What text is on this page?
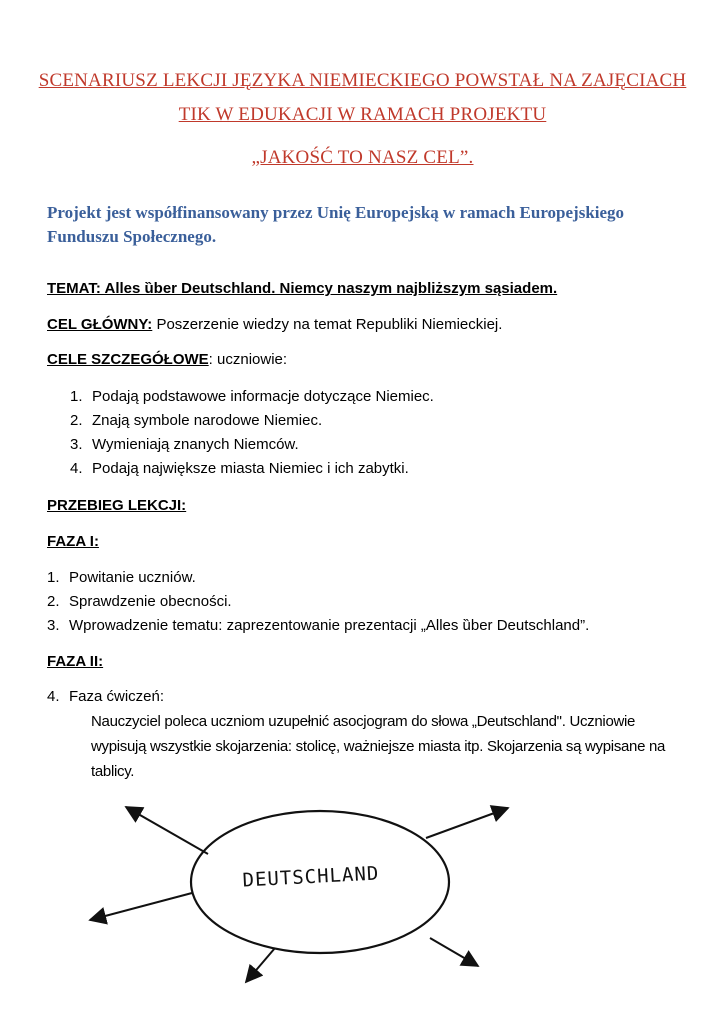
SCENARIUSZ LEKCJI JĘZYKA NIEMIECKIEGO POWSTAŁ NA ZAJĘCIACH
TIK W EDUKACJI W RAMACH PROJEKTU
„JAKOŚĆ TO NASZ CEL”.
Projekt jest współfinansowany przez Unię Europejską w ramach Europejskiego Funduszu Społecznego.
TEMAT: Alles ȕber Deutschland. Niemcy naszym najbliższym sąsiadem.
CEL GŁÓWNY: Poszerzenie wiedzy na temat Republiki Niemieckiej.
CELE SZCZEGÓŁOWE: uczniowie:
1. Podają podstawowe informacje dotyczące Niemiec.
2. Znają symbole narodowe Niemiec.
3. Wymieniają znanych Niemców.
4. Podają największe miasta Niemiec i ich zabytki.
PRZEBIEG LEKCJI:
FAZA I:
1. Powitanie uczniów.
2. Sprawdzenie obecności.
3. Wprowadzenie tematu: zaprezentowanie prezentacji „Alles ȕber Deutschland”.
FAZA II:
4. Faza ćwiczeń:
Nauczyciel poleca uczniom uzupełnić asocjogram do słowa „Deutschland". Uczniowie wypisują wszystkie skojarzenia: stolicę, ważniejsze miasta itp. Skojarzenia są wypisane na tablicy.
DEUTSCHLAND
